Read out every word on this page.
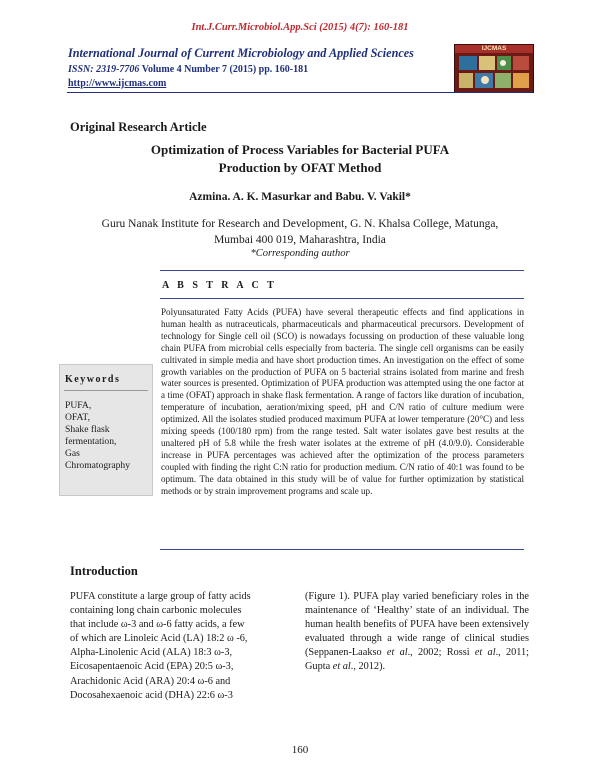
Int.J.Curr.Microbiol.App.Sci (2015) 4(7): 160-181
International Journal of Current Microbiology and Applied Sciences
ISSN: 2319-7706 Volume 4 Number 7 (2015) pp. 160-181
http://www.ijcmas.com
IJCMAS
Original Research Article
Optimization of Process Variables for Bacterial PUFA
Production by OFAT Method
Azmina. A. K. Masurkar and Babu. V. Vakil*
Guru Nanak Institute for Research and Development, G. N. Khalsa College, Matunga,
Mumbai 400 019, Maharashtra, India
*Corresponding author
A B S T R A C T
Polyunsaturated Fatty Acids (PUFA) have several therapeutic effects and find applications in human health as nutraceuticals, pharmaceuticals and pharmaceutical precursors. Development of technology for Single cell oil (SCO) is nowadays focussing on production of these valuable long chain PUFA from microbial cells especially from bacteria. The single cell organisms can be easily cultivated in simple media and have short production times. An investigation on the effect of some growth variables on the production of PUFA on 5 bacterial strains isolated from marine and fresh water sources is presented. Optimization of PUFA production was attempted using the one factor at a time (OFAT) approach in shake flask fermentation. A range of factors like duration of incubation, temperature of incubation, aeration/mixing speed, pH and C/N ratio of culture medium were optimized. All the isolates studied produced maximum PUFA at lower temperature (20°C) and less mixing speeds (100/180 rpm) from the range tested. Salt water isolates gave best results at the unaltered pH of 5.8 while the fresh water isolates at the extreme of pH (4.0/9.0). Considerable increase in PUFA percentages was achieved after the optimization of the process parameters coupled with finding the right C:N ratio for production medium. C/N ratio of 40:1 was found to be optimum. The data obtained in this study will be of value for further optimization by statistical methods or by strain improvement programs and scale up.
Keywords
PUFA,
OFAT,
Shake flask
fermentation,
Gas
Chromatography
Introduction
PUFA constitute a large group of fatty acids
containing long chain carbonic molecules
that include ω-3 and ω-6 fatty acids, a few
of which are Linoleic Acid (LA) 18:2 ω -6,
Alpha-Linolenic Acid (ALA) 18:3 ω-3,
Eicosapentaenoic Acid (EPA) 20:5 ω-3,
Arachidonic Acid (ARA) 20:4 ω-6 and
Docosahexaenoic acid (DHA) 22:6 ω-3

(Figure 1). PUFA play varied beneficiary roles in the maintenance of ‘Healthy’ state of an individual. The human health benefits of PUFA have been extensively evaluated through a wide range of clinical studies (Seppanen-Laakso et al., 2002; Rossi et al., 2011; Gupta et al., 2012).

160
